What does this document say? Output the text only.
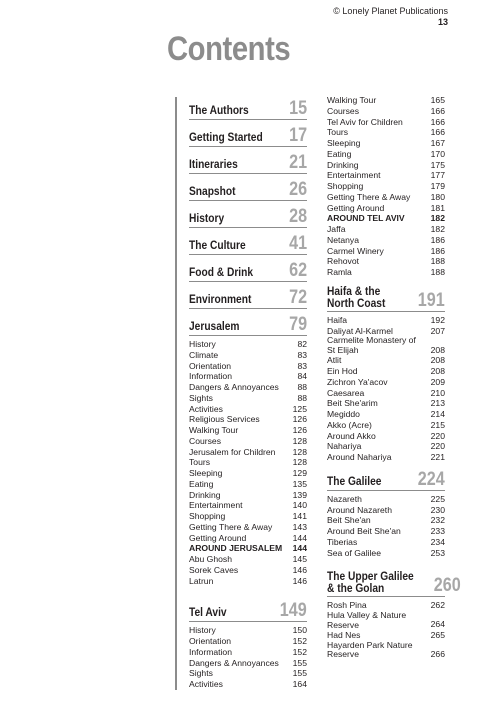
© Lonely Planet Publications
13
Contents
The Authors 15
Getting Started 17
Itineraries	21
Snapshot	26
History	28
The Culture 41
Food & Drink 62
Environment 72
Jerusalem	79
History	82
Climate	83
Orientation	83
Information	84
Dangers & Annoyances 88
Sights	88
Activities	125
Religious Services	126
Walking Tour	126
Courses	128
Jerusalem for Children 128
Tours	128
Sleeping	129
Eating	135
Drinking	139
Entertainment	140
Shopping	141
Getting There & Away 143
Getting Around	144
AROUND JERUSALEM 144
Abu Ghosh	145
Sorek Caves	146
Latrun	146
Tel Aviv	149
History	150
Orientation	152
Information	152
Dangers & Annoyances 155
Sights	155
Activities	164
Walking Tour	165
Courses	166
Tel Aviv for Children	166
Tours	166
Sleeping	167
Eating	170
Drinking	175
Entertainment	177
Shopping	179
Getting There & Away 180
Getting Around	181
AROUND TEL AVIV	182
Jaffa	182
Netanya	186
Carmel Winery	186
Rehovot	188
Ramla	188
Haifa & the
North Coast 191
Haifa	192
Daliyat Al-Karmel	207
Carmelite Monastery of St Elijah	208
Atlit	208
Ein Hod	208
Zichron Ya'acov	209
Caesarea	210
Beit She'arim	213
Megiddo	214
Akko (Acre)	215
Around Akko	220
Nahariya	220
Around Nahariya	221
The Galilee 224
Nazareth	225
Around Nazareth	230
Beit She'an	232
Around Beit She'an	233
Tiberias	234
Sea of Galilee	253
The Upper Galilee
& the Golan	260
Rosh Pina	262
Hula Valley & Nature Reserve	264
Had Nes	265
Hayarden Park Nature Reserve	266
